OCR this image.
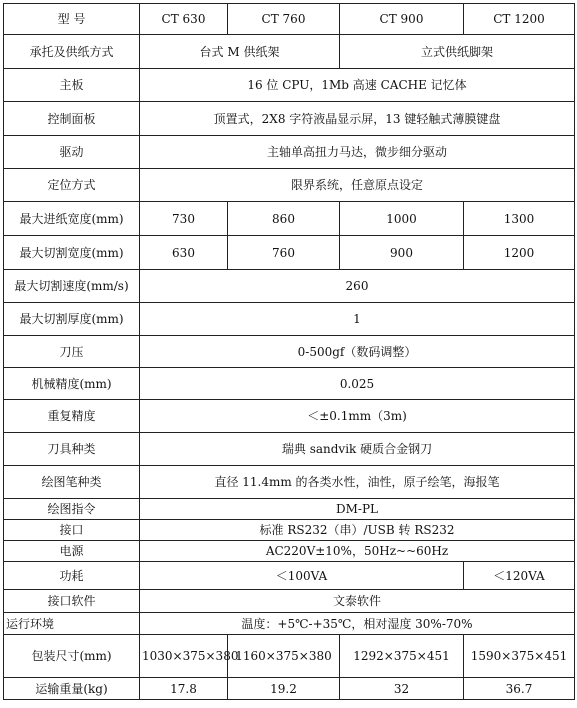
型 号	CT 630	CT 760	CT 900	CT 1200
承托及供纸方式	台式 M 供纸架		立式供纸脚架	
主板	16 位 CPU，1Mb 高速 CACHE 记忆体			
控制面板	顶置式，2X8 字符液晶显示屏，13 键轻触式薄膜键盘			
驱动	主轴单高扭力马达，微步细分驱动			
定位方式	限界系统，任意原点设定			
最大进纸宽度(mm)	730	860	1000	1300
最大切割宽度(mm)	630	760	900	1200
最大切割速度(mm/s)	260			
最大切割厚度(mm)	1			
刀压	0-500gf（数码调整）			
机械精度(mm)	0.025			
重复精度	＜±0.1mm（3m)			
刀具种类	瑞典 sandvik 硬质合金钢刀			
绘图笔种类	直径 11.4mm 的各类水性，油性，原子绘笔，海报笔			
绘图指令	DM-PL			
接口	标准 RS232（串）/USB 转 RS232			
电源	AC220V±10%，50Hz~~60Hz			
功耗	＜100VA			＜120VA
接口软件	文泰软件			
运行环境	温度：+5℃-+35℃，相对湿度 30%-70%			
包装尺寸(mm)	1030×375×380	1160×375×380	1292×375×451	1590×375×451
运输重量(kg)	17.8	19.2	32	36.7
